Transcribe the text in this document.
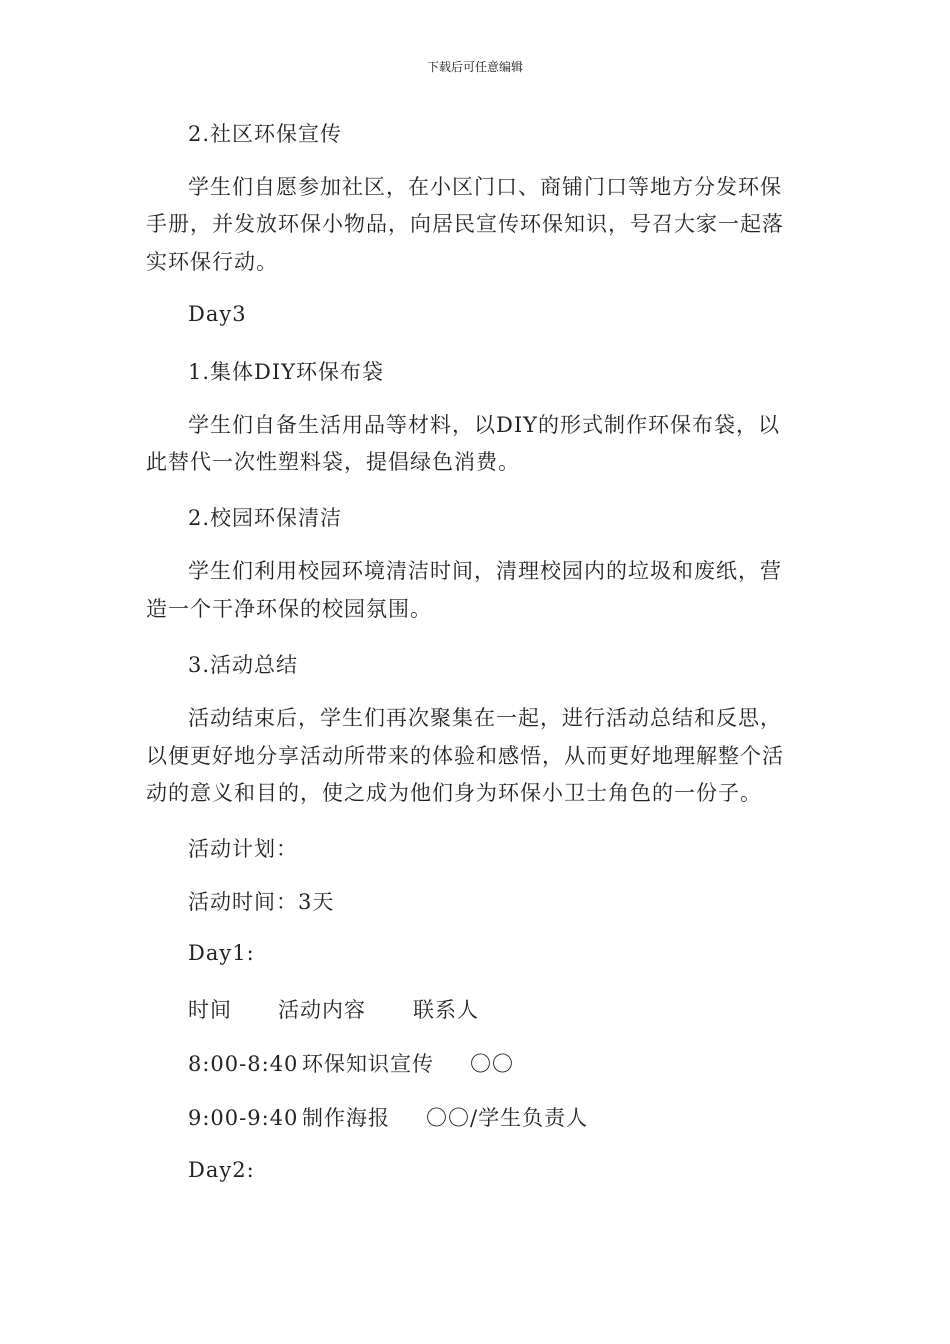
下载后可任意编辑
2.社区环保宣传
学生们自愿参加社区，在小区门口、商铺门口等地方分发环保
手册，并发放环保小物品，向居民宣传环保知识，号召大家一起落
实环保行动。
Day3
1.集体DIY环保布袋
学生们自备生活用品等材料，以DIY的形式制作环保布袋，以
此替代一次性塑料袋，提倡绿色消费。
2.校园环保清洁
学生们利用校园环境清洁时间，清理校园内的垃圾和废纸，营
造一个干净环保的校园氛围。
3.活动总结
活动结束后，学生们再次聚集在一起，进行活动总结和反思，
以便更好地分享活动所带来的体验和感悟，从而更好地理解整个活
动的意义和目的，使之成为他们身为环保小卫士角色的一份子。
活动计划：
活动时间：3天
Day1:
时间 活动内容 联系人
8:00-8:40 环保知识宣传 〇〇
9:00-9:40 制作海报 〇〇/学生负责人
Day2:
